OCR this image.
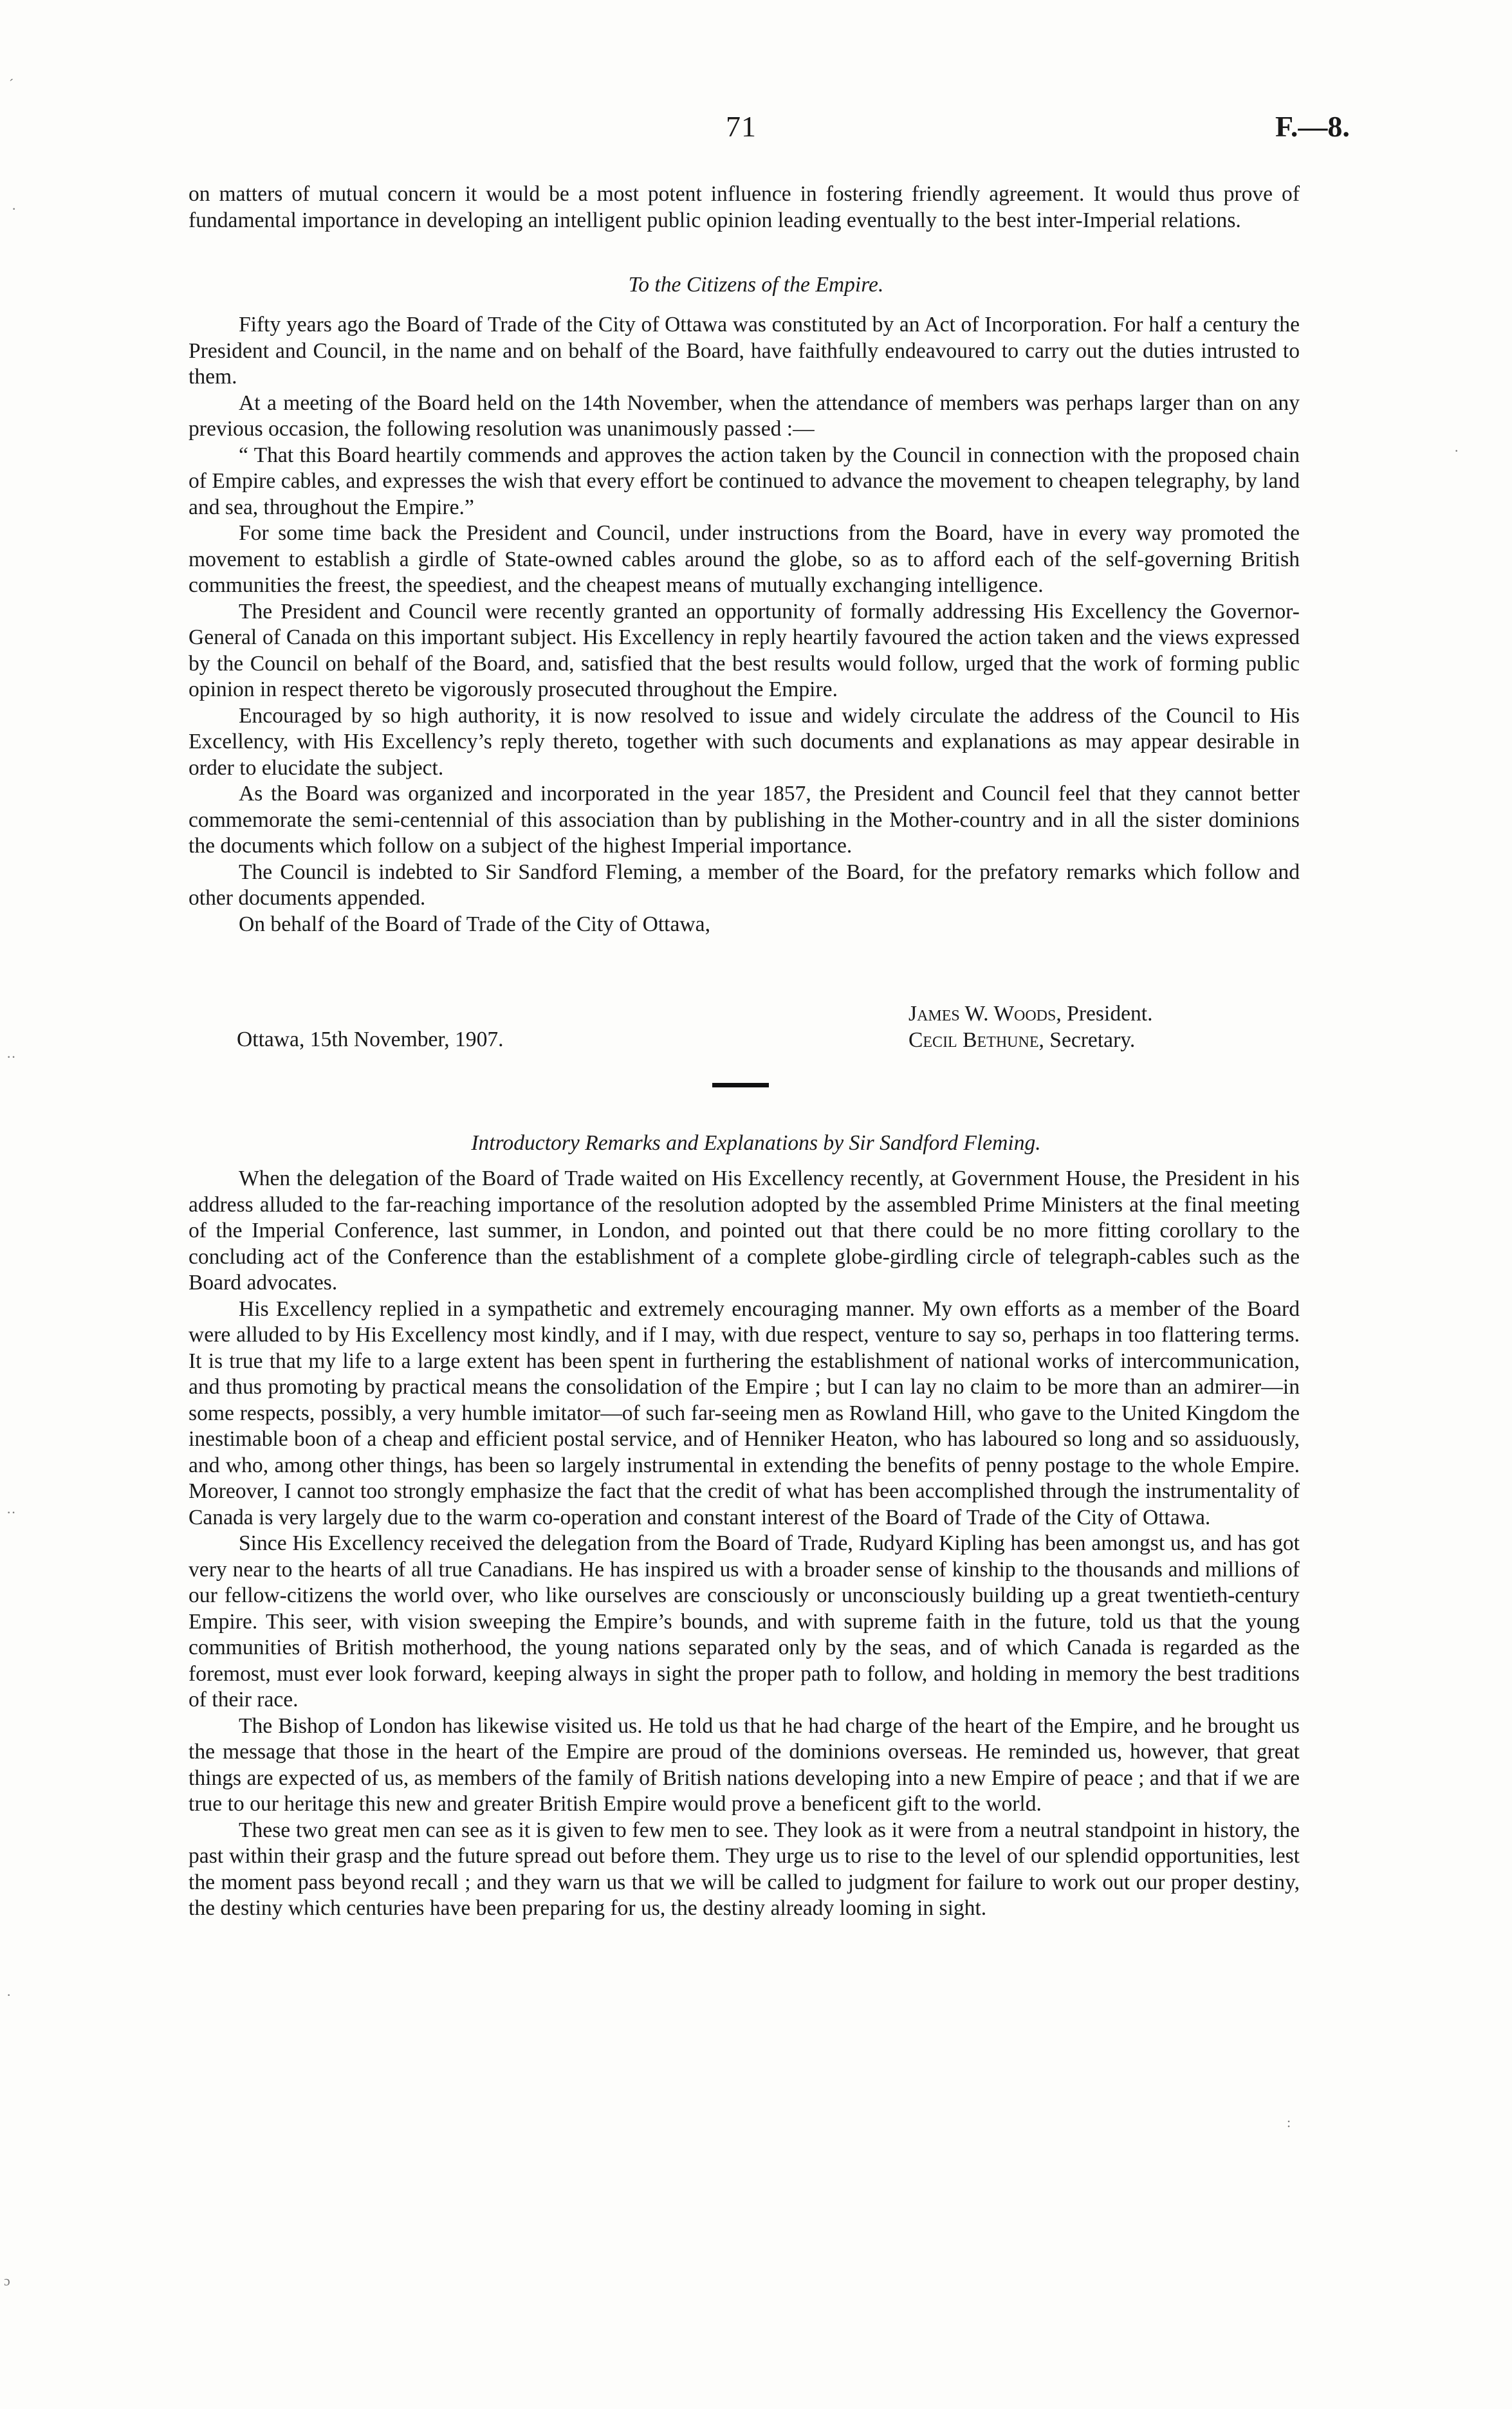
´
·
··
··
·
ɔ
·
:
71	F.—8.

on matters of mutual concern it would be a most potent influence in fostering friendly agreement. It would thus prove of fundamental importance in developing an intelligent public opinion leading eventually to the best inter-Imperial relations.

To the Citizens of the Empire.

Fifty years ago the Board of Trade of the City of Ottawa was constituted by an Act of Incorporation. For half a century the President and Council, in the name and on behalf of the Board, have faithfully endeavoured to carry out the duties intrusted to them.

At a meeting of the Board held on the 14th November, when the attendance of members was perhaps larger than on any previous occasion, the following resolution was unanimously passed :—

“ That this Board heartily commends and approves the action taken by the Council in connection with the proposed chain of Empire cables, and expresses the wish that every effort be continued to advance the movement to cheapen telegraphy, by land and sea, throughout the Empire.”

For some time back the President and Council, under instructions from the Board, have in every way promoted the movement to establish a girdle of State-owned cables around the globe, so as to afford each of the self-governing British communities the freest, the speediest, and the cheapest means of mutually exchanging intelligence.

The President and Council were recently granted an opportunity of formally addressing His Excellency the Governor-General of Canada on this important subject. His Excellency in reply heartily favoured the action taken and the views expressed by the Council on behalf of the Board, and, satisfied that the best results would follow, urged that the work of forming public opinion in respect thereto be vigorously prosecuted throughout the Empire.

Encouraged by so high authority, it is now resolved to issue and widely circulate the address of the Council to His Excellency, with His Excellency’s reply thereto, together with such documents and explanations as may appear desirable in order to elucidate the subject.

As the Board was organized and incorporated in the year 1857, the President and Council feel that they cannot better commemorate the semi-centennial of this association than by publishing in the Mother-country and in all the sister dominions the documents which follow on a subject of the highest Imperial importance.

The Council is indebted to Sir Sandford Fleming, a member of the Board, for the prefatory remarks which follow and other documents appended.

On behalf of the Board of Trade of the City of Ottawa,

James W. Woods, President.
Ottawa, 15th November, 1907.	Cecil Bethune, Secretary.
Introductory Remarks and Explanations by Sir Sandford Fleming.

When the delegation of the Board of Trade waited on His Excellency recently, at Government House, the President in his address alluded to the far-reaching importance of the resolution adopted by the assembled Prime Ministers at the final meeting of the Imperial Conference, last summer, in London, and pointed out that there could be no more fitting corollary to the concluding act of the Conference than the establishment of a complete globe-girdling circle of telegraph-cables such as the Board advocates.

His Excellency replied in a sympathetic and extremely encouraging manner. My own efforts as a member of the Board were alluded to by His Excellency most kindly, and if I may, with due respect, venture to say so, perhaps in too flattering terms. It is true that my life to a large extent has been spent in furthering the establishment of national works of intercommunication, and thus promoting by practical means the consolidation of the Empire ; but I can lay no claim to be more than an admirer—in some respects, possibly, a very humble imitator—of such far-seeing men as Rowland Hill, who gave to the United Kingdom the inestimable boon of a cheap and efficient postal service, and of Henniker Heaton, who has laboured so long and so assiduously, and who, among other things, has been so largely instrumental in extending the benefits of penny postage to the whole Empire. Moreover, I cannot too strongly emphasize the fact that the credit of what has been accomplished through the instrumentality of Canada is very largely due to the warm co-operation and constant interest of the Board of Trade of the City of Ottawa.

Since His Excellency received the delegation from the Board of Trade, Rudyard Kipling has been amongst us, and has got very near to the hearts of all true Canadians. He has inspired us with a broader sense of kinship to the thousands and millions of our fellow-citizens the world over, who like ourselves are consciously or unconsciously building up a great twentieth-century Empire. This seer, with vision sweeping the Empire’s bounds, and with supreme faith in the future, told us that the young communities of British motherhood, the young nations separated only by the seas, and of which Canada is regarded as the foremost, must ever look forward, keeping always in sight the proper path to follow, and holding in memory the best traditions of their race.

The Bishop of London has likewise visited us. He told us that he had charge of the heart of the Empire, and he brought us the message that those in the heart of the Empire are proud of the dominions overseas. He reminded us, however, that great things are expected of us, as members of the family of British nations developing into a new Empire of peace ; and that if we are true to our heritage this new and greater British Empire would prove a beneficent gift to the world.

These two great men can see as it is given to few men to see. They look as it were from a neutral standpoint in history, the past within their grasp and the future spread out before them. They urge us to rise to the level of our splendid opportunities, lest the moment pass beyond recall ; and they warn us that we will be called to judgment for failure to work out our proper destiny, the destiny which centuries have been preparing for us, the destiny already looming in sight.
